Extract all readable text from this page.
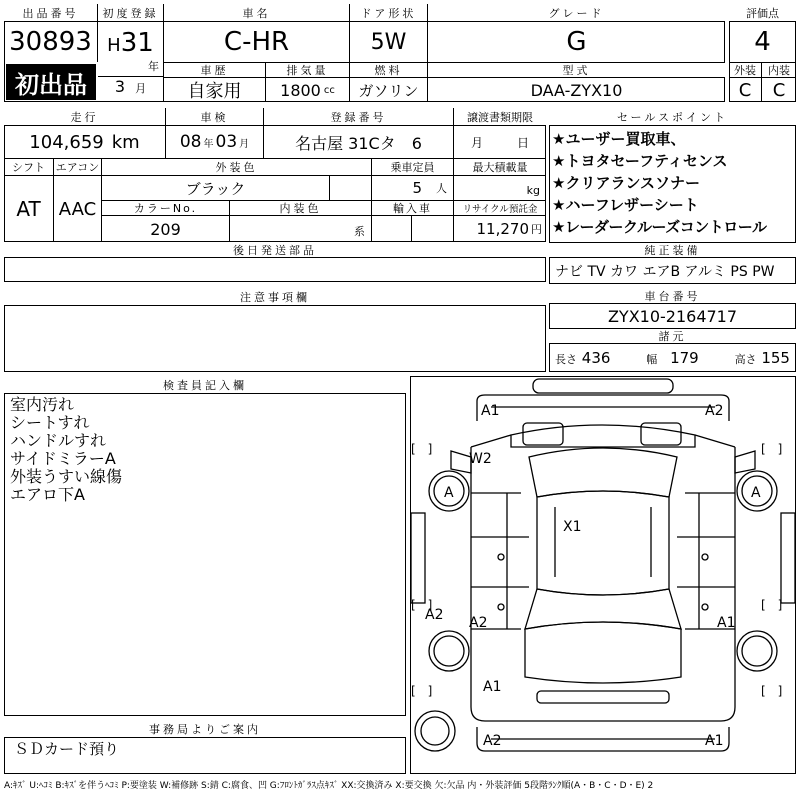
出品番号
30893
初出品
初度登録
H 31
年
3 月
車名
C-HR
ドア形状
5W
グレード
G
車歴
自家用
排気量
1800 cc
燃料
ガソリン
型式
DAA-ZYX10
評価点
4
外装	内装
C	C
走行
104,659 km
車検
08 年 03 月
登録番号
名古屋 31Cタ　6
譲渡書類期限
月	日
シフト
AT
エアコン
AAC
外装色
ブラック
乗車定員
5 人
最大積載量
kg
カラーNo.
209
内装色
系
輸入車	リサイクル預託金
11,270 円
後日発送部品
セールスポイント
★ユーザー買取車、
★トヨタセーフティセンス
★クリアランスソナー
★ハーフレザーシート
★レーダークルーズコントロール
純正装備
ナビ TV カワ エアB アルミ PS PW
注意事項欄	車台番号
ZYX10-2164717
諸元
長さ 436	幅 179	高さ 155
検査員記入欄
室内汚れ
シートすれ
ハンドルすれ
サイドミラーA
外装うすい線傷
エアロ下A
事務局よりご案内
ＳＤカード預り
A1	A2
W2
A	A
X1
A2 A2	A1
A1
A2	A1
[　]	[　]
[　]	[　]
[　]	[　]
A:ｷｽﾞ U:ﾍｺﾐ B:ｷｽﾞを伴うﾍｺﾐ P:要塗装 W:補修跡 S:錆 C:腐食、凹 G:ﾌﾛﾝﾄｶﾞﾗｽ点ｷｽﾞ XX:交換済み X:要交換 欠:欠品 内・外装評価 5段階ﾗﾝｸ順(A・B・C・D・E) 2
